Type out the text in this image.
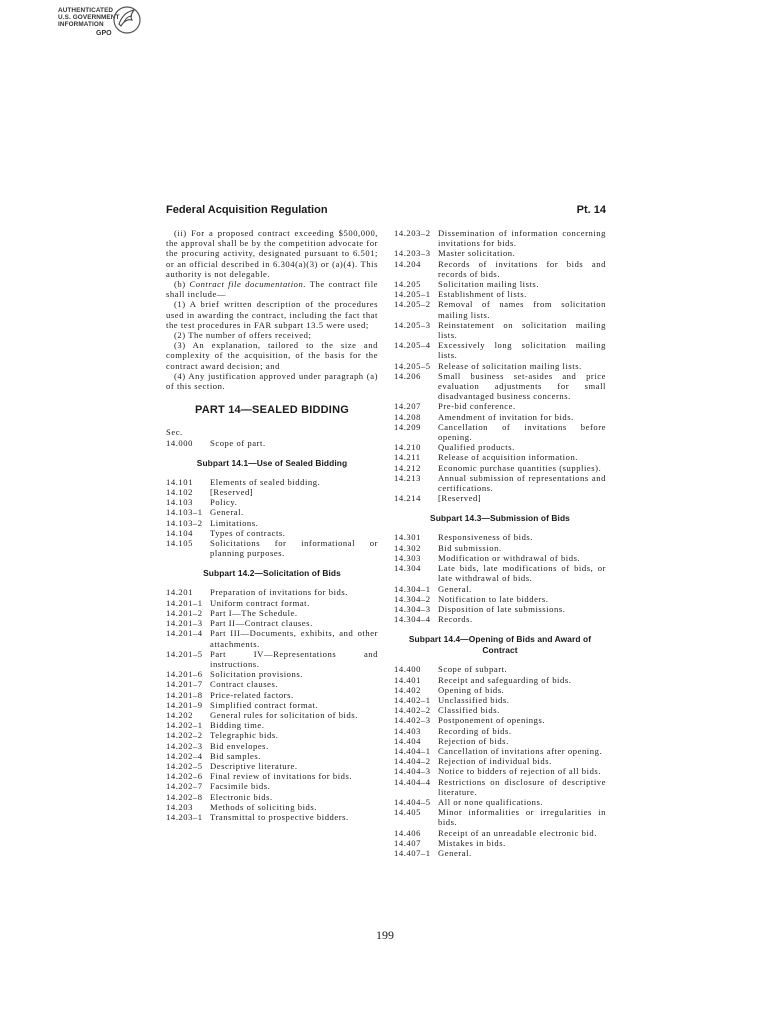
AUTHENTICATED
U.S. GOVERNMENT
INFORMATION
GPO
Federal Acquisition Regulation	Pt. 14

(ii) For a proposed contract exceeding $500,000, the approval shall be by the competition advocate for the procuring activity, designated pursuant to 6.501; or an official described in 6.304(a)(3) or (a)(4). This authority is not delegable.

(b) Contract file documentation. The contract file shall include—

(1) A brief written description of the procedures used in awarding the contract, including the fact that the test procedures in FAR subpart 13.5 were used;

(2) The number of offers received;

(3) An explanation, tailored to the size and complexity of the acquisition, of the basis for the contract award decision; and

(4) Any justification approved under paragraph (a) of this section.

PART 14—SEALED BIDDING

Sec.

14.000	Scope of part.
Subpart 14.1—Use of Sealed Bidding
14.101	Elements of sealed bidding.
14.102	[Reserved]
14.103	Policy.
14.103–1 General.
14.103–2 Limitations.
14.104	Types of contracts.
14.105	Solicitations for informational or planning purposes.
Subpart 14.2—Solicitation of Bids
14.201	Preparation of invitations for bids.
14.201–1 Uniform contract format.
14.201–2 Part I—The Schedule.
14.201–3 Part II—Contract clauses.
14.201–4 Part III—Documents, exhibits, and other attachments.
14.201–5 Part IV—Representations and instructions.
14.201–6 Solicitation provisions.
14.201–7 Contract clauses.
14.201–8 Price-related factors.
14.201–9 Simplified contract format.
14.202	General rules for solicitation of bids.
14.202–1 Bidding time.
14.202–2 Telegraphic bids.
14.202–3 Bid envelopes.
14.202–4 Bid samples.
14.202–5 Descriptive literature.
14.202–6 Final review of invitations for bids.
14.202–7 Facsimile bids.
14.202–8 Electronic bids.
14.203	Methods of soliciting bids.
14.203–1 Transmittal to prospective bidders.
14.203–2 Dissemination of information concerning invitations for bids.
14.203–3 Master solicitation.
14.204	Records of invitations for bids and records of bids.
14.205	Solicitation mailing lists.
14.205–1 Establishment of lists.
14.205–2 Removal of names from solicitation mailing lists.
14.205–3 Reinstatement on solicitation mailing lists.
14.205–4 Excessively long solicitation mailing lists.
14.205–5 Release of solicitation mailing lists.
14.206	Small business set-asides and price evaluation adjustments for small disadvantaged business concerns.
14.207	Pre-bid conference.
14.208	Amendment of invitation for bids.
14.209	Cancellation of invitations before opening.
14.210	Qualified products.
14.211	Release of acquisition information.
14.212	Economic purchase quantities (supplies).
14.213	Annual submission of representations and certifications.
14.214	[Reserved]
Subpart 14.3—Submission of Bids
14.301	Responsiveness of bids.
14.302	Bid submission.
14.303	Modification or withdrawal of bids.
14.304	Late bids, late modifications of bids, or late withdrawal of bids.
14.304–1 General.
14.304–2 Notification to late bidders.
14.304–3 Disposition of late submissions.
14.304–4 Records.
Subpart 14.4—Opening of Bids and Award of Contract
14.400	Scope of subpart.
14.401	Receipt and safeguarding of bids.
14.402	Opening of bids.
14.402–1 Unclassified bids.
14.402–2 Classified bids.
14.402–3 Postponement of openings.
14.403	Recording of bids.
14.404	Rejection of bids.
14.404–1 Cancellation of invitations after opening.
14.404–2 Rejection of individual bids.
14.404–3 Notice to bidders of rejection of all bids.
14.404–4 Restrictions on disclosure of descriptive literature.
14.404–5 All or none qualifications.
14.405	Minor informalities or irregularities in bids.
14.406	Receipt of an unreadable electronic bid.
14.407	Mistakes in bids.
14.407–1 General.
199
